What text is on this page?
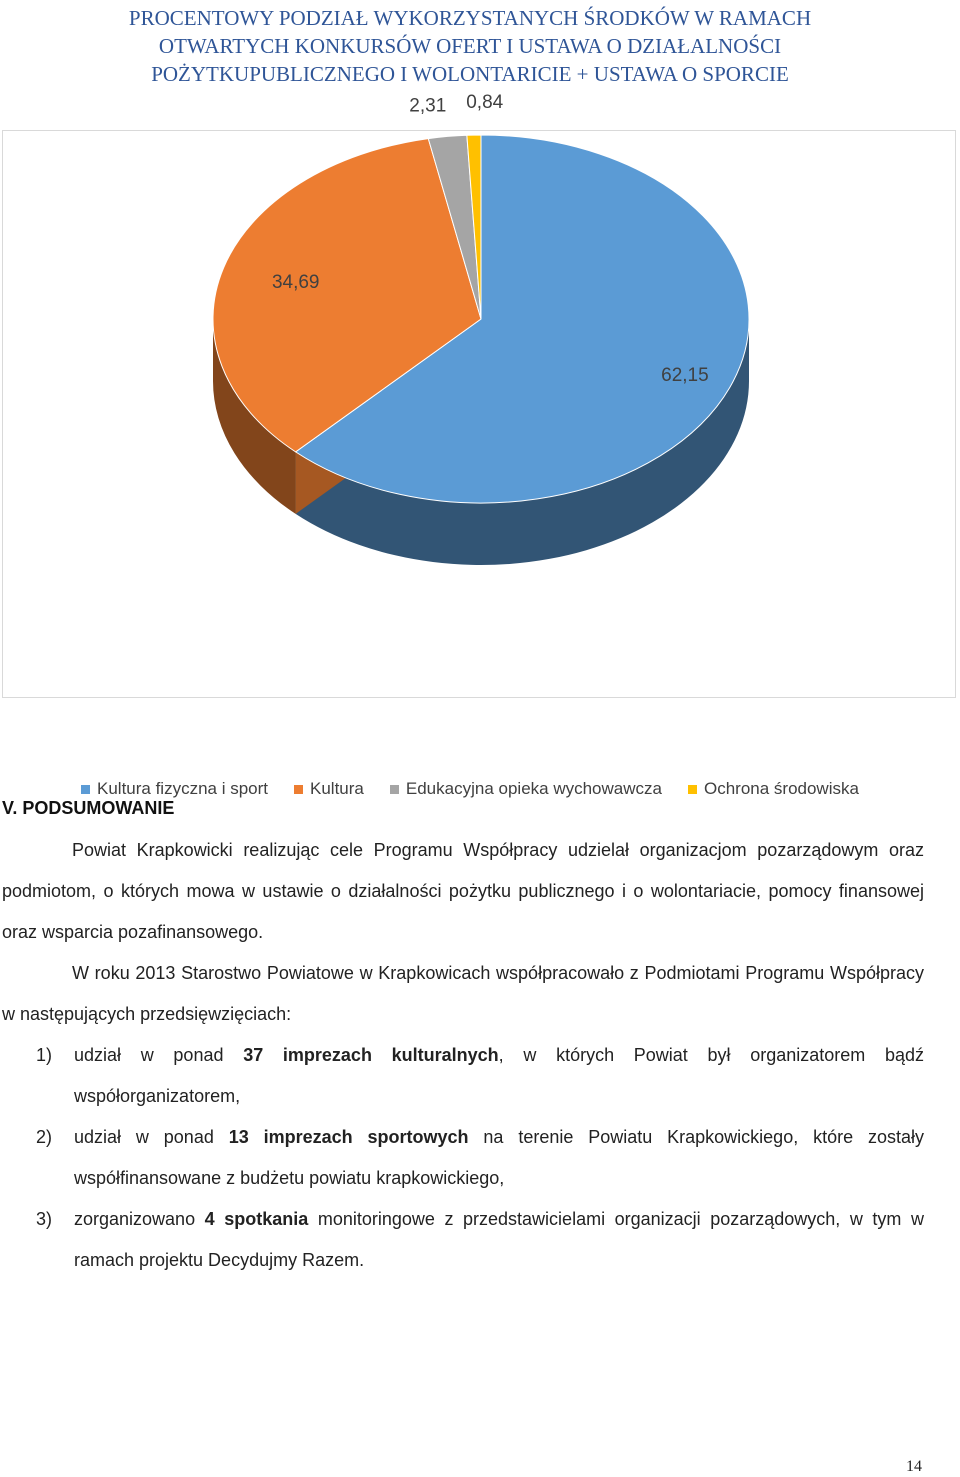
PROCENTOWY PODZIAŁ WYKORZYSTANYCH ŚRODKÓW W RAMACH
OTWARTYCH KONKURSÓW OFERT I USTAWA O DZIAŁALNOŚCI
POŻYTKUPUBLICZNEGO I WOLONTARICIE + USTAWA O SPORCIE
62,15
34,69
2,31 0,84
Kultura fizyczna i sport Kultura Edukacyjna opieka wychowawcza Ochrona środowiska
V. PODSUMOWANIE

Powiat Krapkowicki realizując cele Programu Współpracy udzielał organizacjom pozarządowym oraz podmiotom, o których mowa w ustawie o działalności pożytku publicznego i o wolontariacie, pomocy finansowej oraz wsparcia pozafinansowego.

W roku 2013 Starostwo Powiatowe w Krapkowicach współpracowało z Podmiotami Programu Współpracy w następujących przedsięwzięciach:

1) udział w ponad 37 imprezach kulturalnych, w których Powiat był organizatorem bądź współorganizatorem,
2) udział w ponad 13 imprezach sportowych na terenie Powiatu Krapkowickiego, które zostały współfinansowane z budżetu powiatu krapkowickiego,
3) zorganizowano 4 spotkania monitoringowe z przedstawicielami organizacji pozarządowych, w tym w ramach projektu Decydujmy Razem.
14
